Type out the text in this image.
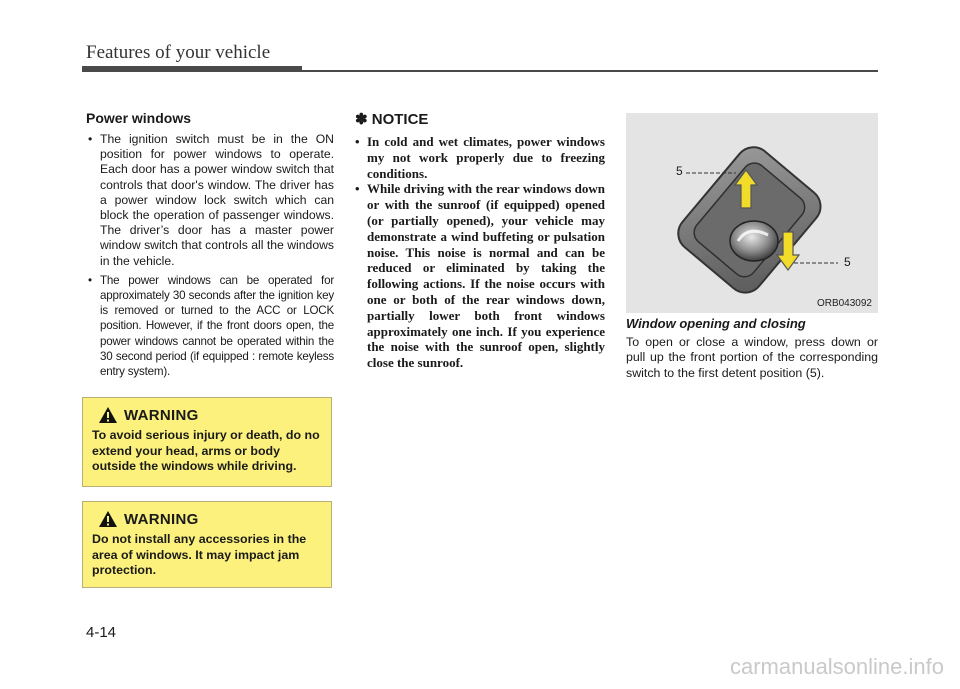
Features of your vehicle
Power windows
• The ignition switch must be in the ON position for power windows to operate. Each door has a power window switch that controls that door's window. The driver has a power window lock switch which can block the operation of passenger windows. The driver’s door has a master power window switch that controls all the windows in the vehicle.
• The power windows can be operated for approximately 30 seconds after the ignition key is removed or turned to the ACC or LOCK position. However, if the front doors open, the power windows cannot be operated within the 30 second period (if equipped : remote keyless entry system).
WARNING
To avoid serious injury or death, do no extend your head, arms or body outside the windows while driving.
WARNING
Do not install any accessories in the area of windows. It may impact jam protection.
✽ NOTICE
• In cold and wet climates, power windows my not work properly due to freezing conditions.
• While driving with the rear windows down or with the sunroof (if equipped) opened (or partially opened), your vehicle may demonstrate a wind buffeting or pulsation noise. This noise is normal and can be reduced or eliminated by taking the following actions. If the noise occurs with one or both of the rear windows down, partially lower both front windows approximately one inch. If you experience the noise with the sunroof open, slightly close the sunroof.
5
5
ORB043092
Window opening and closing

To open or close a window, press down or pull up the front portion of the corresponding switch to the first detent position (5).

4-14
carmanualsonline.info
